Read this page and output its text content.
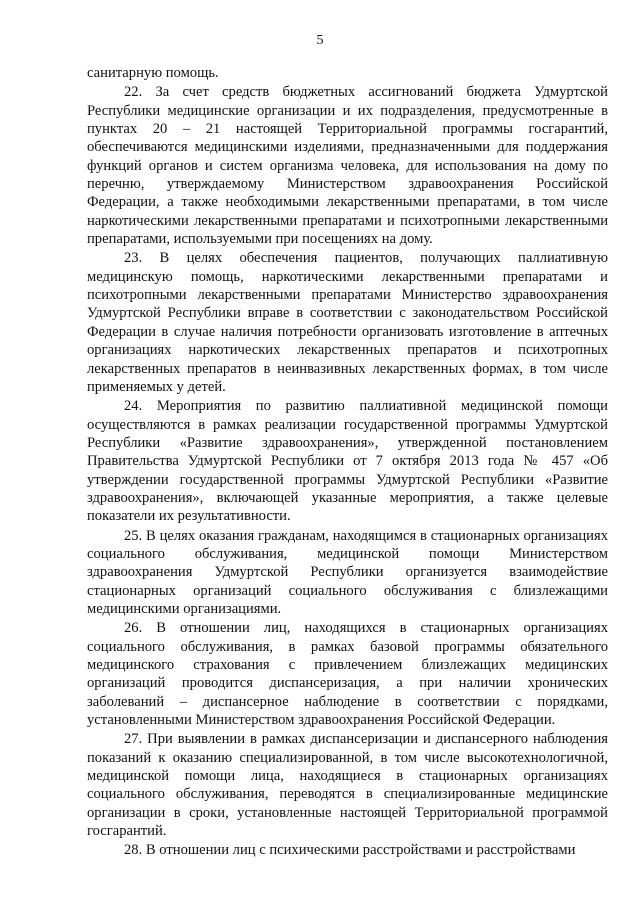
5

санитарную помощь.

22. За счет средств бюджетных ассигнований бюджета Удмуртской Республики медицинские организации и их подразделения, предусмотренные в пунктах 20 – 21 настоящей Территориальной программы госгарантий, обеспечиваются медицинскими изделиями, предназначенными для поддержания функций органов и систем организма человека, для использования на дому по перечню, утверждаемому Министерством здравоохранения Российской Федерации, а также необходимыми лекарственными препаратами, в том числе наркотическими лекарственными препаратами и психотропными лекарственными препаратами, используемыми при посещениях на дому.

23. В целях обеспечения пациентов, получающих паллиативную медицинскую помощь, наркотическими лекарственными препаратами и психотропными лекарственными препаратами Министерство здравоохранения Удмуртской Республики вправе в соответствии с законодательством Российской Федерации в случае наличия потребности организовать изготовление в аптечных организациях наркотических лекарственных препаратов и психотропных лекарственных препаратов в неинвазивных лекарственных формах, в том числе применяемых у детей.

24. Мероприятия по развитию паллиативной медицинской помощи осуществляются в рамках реализации государственной программы Удмуртской Республики «Развитие здравоохранения», утвержденной постановлением Правительства Удмуртской Республики от 7 октября 2013 года № 457 «Об утверждении государственной программы Удмуртской Республики «Развитие здравоохранения», включающей указанные мероприятия, а также целевые показатели их результативности.

25. В целях оказания гражданам, находящимся в стационарных организациях социального обслуживания, медицинской помощи Министерством здравоохранения Удмуртской Республики организуется взаимодействие стационарных организаций социального обслуживания с близлежащими медицинскими организациями.

26. В отношении лиц, находящихся в стационарных организациях социального обслуживания, в рамках базовой программы обязательного медицинского страхования с привлечением близлежащих медицинских организаций проводится диспансеризация, а при наличии хронических заболеваний – диспансерное наблюдение в соответствии с порядками, установленными Министерством здравоохранения Российской Федерации.

27. При выявлении в рамках диспансеризации и диспансерного наблюдения показаний к оказанию специализированной, в том числе высокотехнологичной, медицинской помощи лица, находящиеся в стационарных организациях социального обслуживания, переводятся в специализированные медицинские организации в сроки, установленные настоящей Территориальной программой госгарантий.

28. В отношении лиц с психическими расстройствами и расстройствами
